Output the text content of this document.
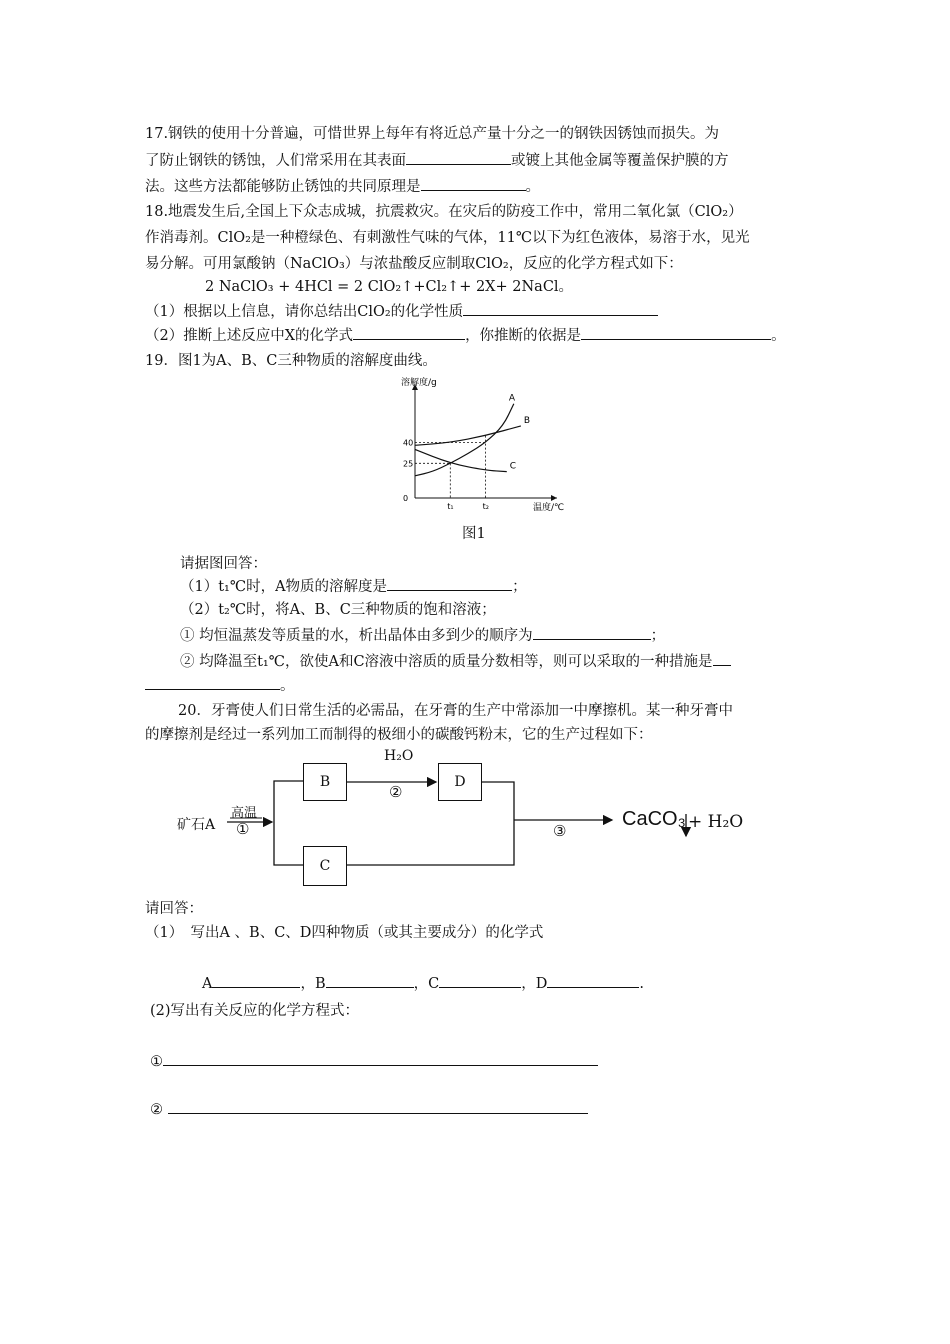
17.钢铁的使用十分普遍，可惜世界上每年有将近总产量十分之一的钢铁因锈蚀而损失。为
了防止钢铁的锈蚀，人们常采用在其表面	或镀上其他金属等覆盖保护膜的方
法。这些方法都能够防止锈蚀的共同原理是	。
18.地震发生后,全国上下众志成城，抗震救灾。在灾后的防疫工作中，常用二氧化氯（ClO₂）
作消毒剂。ClO₂是一种橙绿色、有刺激性气味的气体，11℃以下为红色液体，易溶于水，见光
易分解。可用氯酸钠（NaClO₃）与浓盐酸反应制取ClO₂，反应的化学方程式如下：
2 NaClO₃ + 4HCl = 2 ClO₂↑+Cl₂↑+ 2X+ 2NaCl。
（1）根据以上信息，请你总结出ClO₂的化学性质
（2）推断上述反应中X的化学式	，你推断的依据是	。
19．图1为A、B、C三种物质的溶解度曲线。
溶解度/g
温度/℃
0
25
40
t₁	t₂
A
B
C
图1
请据图回答：
（1）t₁℃时，A物质的溶解度是	；
（2）t₂℃时，将A、B、C三种物质的饱和溶液；
① 均恒温蒸发等质量的水，析出晶体由多到少的顺序为	；
② 均降温至t₁℃，欲使A和C溶液中溶质的质量分数相等，则可以采取的一种措施是
。
20．牙膏使人们日常生活的必需品，在牙膏的生产中常添加一中摩擦机。某一种牙膏中
的摩擦剂是经过一系列加工而制得的极细小的碳酸钙粉末，它的生产过程如下：
B	D
C
矿石A
高温
①
H₂O
②
③
CaCO₃ + H₂O
请回答：
（1）　写出A 、B、C、D四种物质（或其主要成分）的化学式
A	，B	，C	，D	.
(2)写出有关反应的化学方程式：
①
②
